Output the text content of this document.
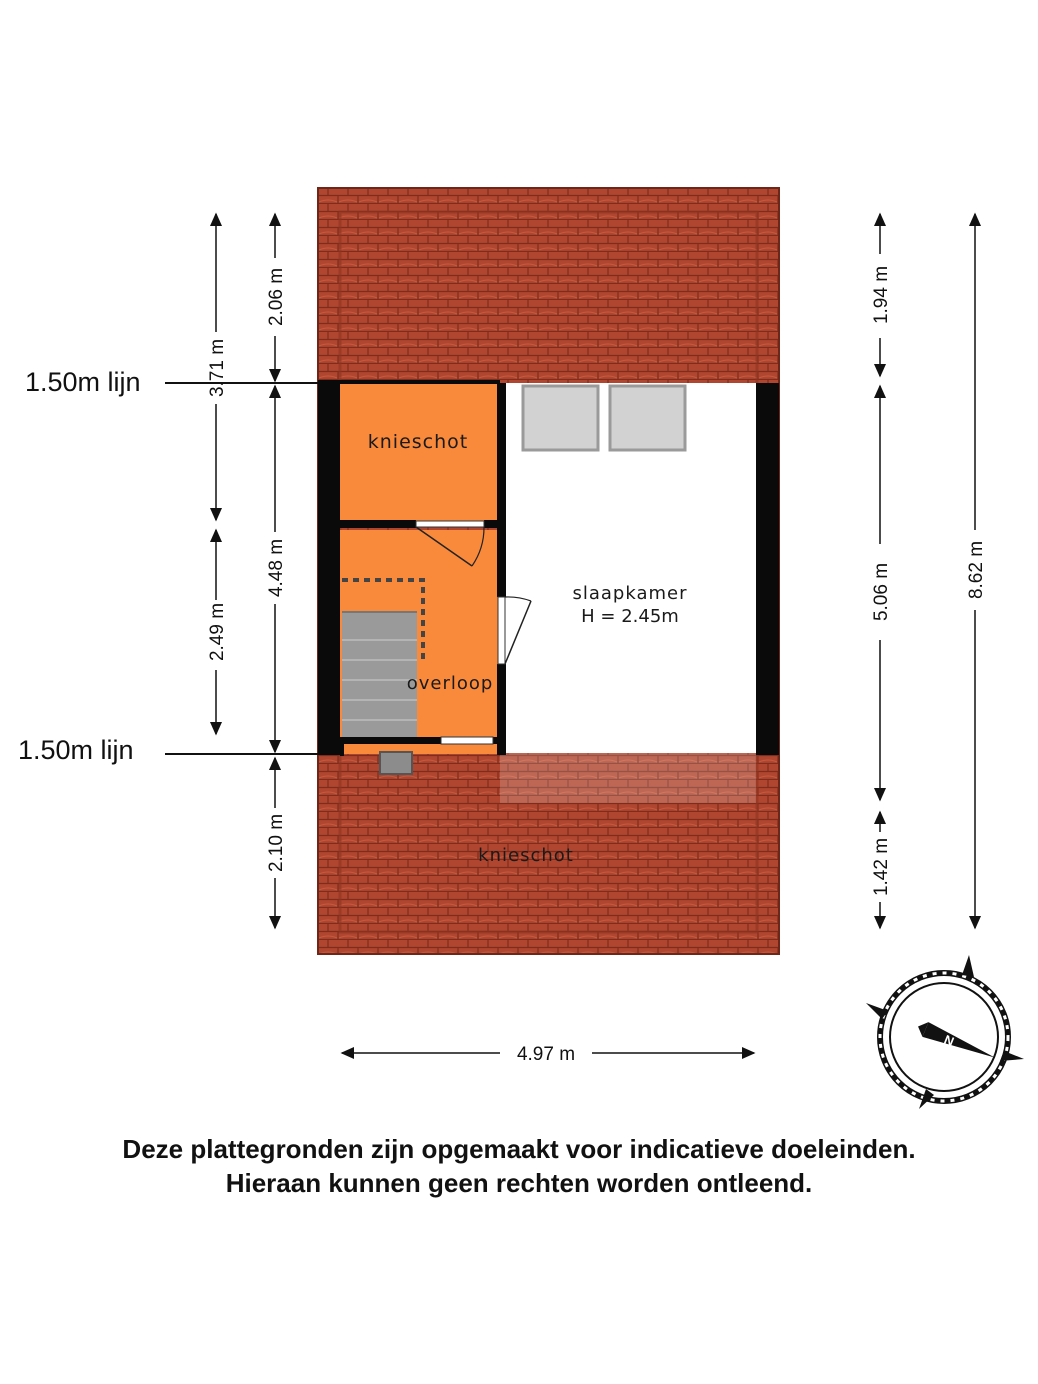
knieschot
slaapkamer
H = 2.45m
overloop
knieschot
1.50m lijn
1.50m lijn
3.71 m
2.49 m
2.06 m
4.48 m
2.10 m
1.94 m
5.06 m
1.42 m
8.62 m
4.97 m
N
Deze plattegronden zijn opgemaakt voor indicatieve doeleinden.
Hieraan kunnen geen rechten worden ontleend.
